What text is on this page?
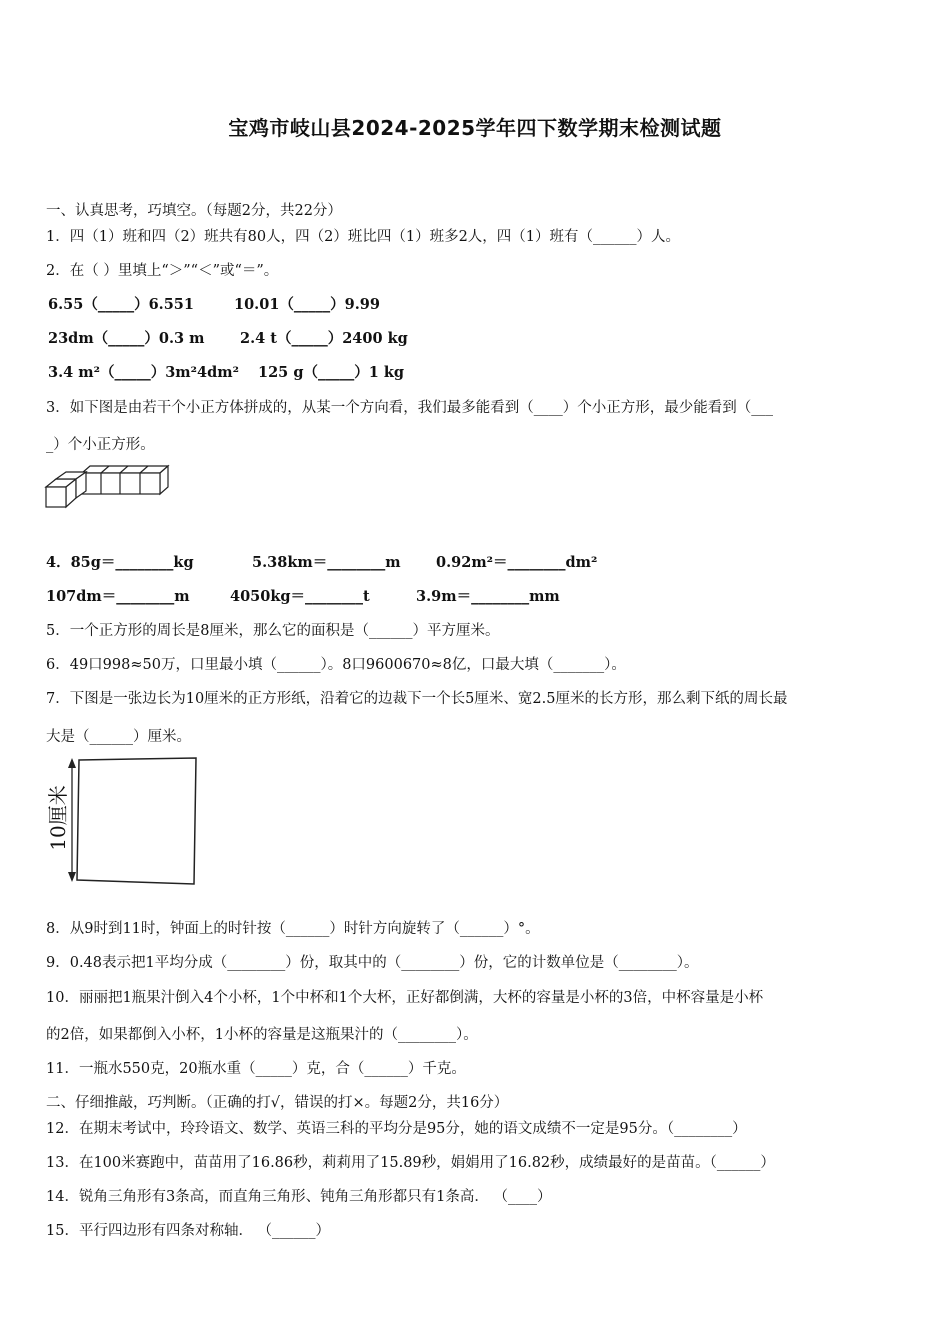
宝鸡市岐山县2024-2025学年四下数学期末检测试题
一、认真思考，巧填空。（每题2分，共22分）
1．四（1）班和四（2）班共有80人，四（2）班比四（1）班多2人，四（1）班有（______）人。
2．在（ ）里填上“＞”“＜”或“＝”。
6.55（_____）6.551	10.01（_____）9.99
23dm（_____）0.3 m 2.4 t（_____）2400 kg
3.4 m²（_____）3m²4dm² 125 g（_____）1 kg
3．如下图是由若干个小正方体拼成的，从某一个方向看，我们最多能看到（____）个小正方形，最少能看到（___
_）个小正方形。
4．85g＝________kg	5.38km＝________m 0.92m²＝________dm²
107dm＝________m	4050kg＝________t	3.9m＝________mm
5．一个正方形的周长是8厘米，那么它的面积是（______）平方厘米。
6．49口998≈50万，口里最小填（______）。8口9600670≈8亿，口最大填（_______）。
7．下图是一张边长为10厘米的正方形纸，沿着它的边裁下一个长5厘米、宽2.5厘米的长方形，那么剩下纸的周长最
大是（______）厘米。
10厘米
8．从9时到11时，钟面上的时针按（______）时针方向旋转了（______）°。
9．0.48表示把1平均分成（________）份，取其中的（________）份，它的计数单位是（________）。
10．丽丽把1瓶果汁倒入4个小杯，1个中杯和1个大杯，正好都倒满，大杯的容量是小杯的3倍，中杯容量是小杯
的2倍，如果都倒入小杯，1小杯的容量是这瓶果汁的（________）。
11．一瓶水550克，20瓶水重（_____）克，合（______）千克。
二、仔细推敲，巧判断。（正确的打√，错误的打×。每题2分，共16分）
12．在期末考试中，玲玲语文、数学、英语三科的平均分是95分，她的语文成绩不一定是95分。（________）
13．在100米赛跑中，苗苗用了16.86秒，莉莉用了15.89秒，娟娟用了16.82秒，成绩最好的是苗苗。（______）
14．锐角三角形有3条高，而直角三角形、钝角三角形都只有1条高． （____）
15．平行四边形有四条对称轴． （______）
